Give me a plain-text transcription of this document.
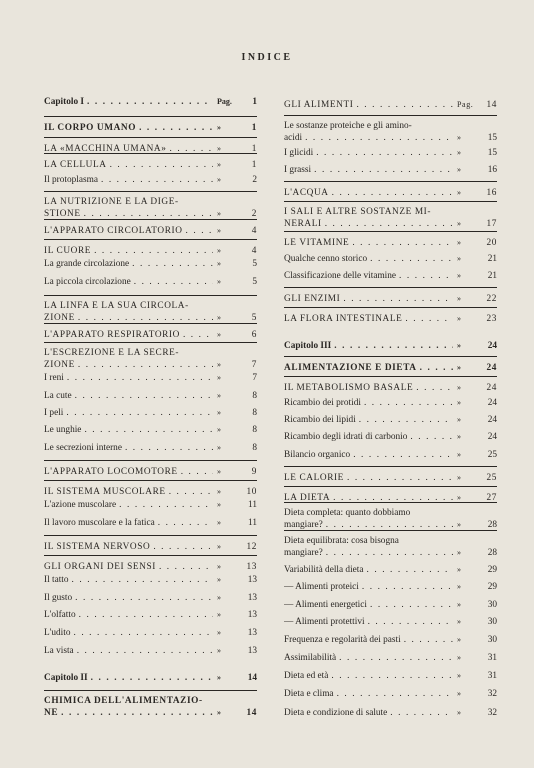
INDICE
Capitolo I . . .	Pag.	1
IL CORPO UMANO . . .	»	1
LA «MACCHINA UMANA» . . .	»	1
LA CELLULA . . .	»	1
Il protoplasma . . .	»	2
LA NUTRIZIONE E LA DIGE-
STIONE . . .	»	2
L'APPARATO CIRCOLATORIO . . .	»	4
IL CUORE . . .	»	4
La grande circolazione . . .	»	5
La piccola circolazione . . .	»	5
LA LINFA E LA SUA CIRCOLA-
ZIONE . . .	»	5
L'APPARATO RESPIRATORIO . . .	»	6
L'ESCREZIONE E LA SECRE-
ZIONE . . .	»	7
I reni . . .	»	7
La cute . . .	»	8
I peli . . .	»	8
Le unghie . . .	»	8
Le secrezioni interne . . .	»	8
L'APPARATO LOCOMOTORE . . .	»	9
IL SISTEMA MUSCOLARE . . .	»	10
L'azione muscolare . . .	»	11
Il lavoro muscolare e la fatica . . .	»	11
IL SISTEMA NERVOSO . . .	»	12
GLI ORGANI DEI SENSI . . .	»	13
Il tatto . . .	»	13
Il gusto . . .	»	13
L'olfatto . . .	»	13
L'udito . . .	»	13
La vista . . .	»	13
Capitolo II . . .	»	14
CHIMICA DELL'ALIMENTAZIO-
NE . . .	»	14
GLI ALIMENTI . . .	Pag.	14
Le sostanze proteiche e gli amino-
acidi . . .	»	15
I glicidi . . .	»	15
I grassi . . .	»	16
L'ACQUA . . .	»	16
I SALI E ALTRE SOSTANZE MI-
NERALI . . .	»	17
LE VITAMINE . . .	»	20
Qualche cenno storico . . .	»	21
Classificazione delle vitamine . . .	»	21
GLI ENZIMI . . .	»	22
LA FLORA INTESTINALE . . .	»	23
Capitolo III . . .	»	24
ALIMENTAZIONE E DIETA . . .	»	24
IL METABOLISMO BASALE . . .	»	24
Ricambio dei protidi . . .	»	24
Ricambio dei lipidi . . .	»	24
Ricambio degli idrati di carbonio . . .	»	24
Bilancio organico . . .	»	25
LE CALORIE . . .	»	25
LA DIETA . . .	»	27
Dieta completa: quanto dobbiamo
mangiare? . . .	»	28
Dieta equilibrata: cosa bisogna
mangiare? . . .	»	28
Variabilità della dieta . . .	»	29
— Alimenti proteici . . .	»	29
— Alimenti energetici . . .	»	30
— Alimenti protettivi . . .	»	30
Frequenza e regolarità dei pasti . . .	»	30
Assimilabilità . . .	»	31
Dieta ed età . . .	»	31
Dieta e clima . . .	»	32
Dieta e condizione di salute . . .	»	32
